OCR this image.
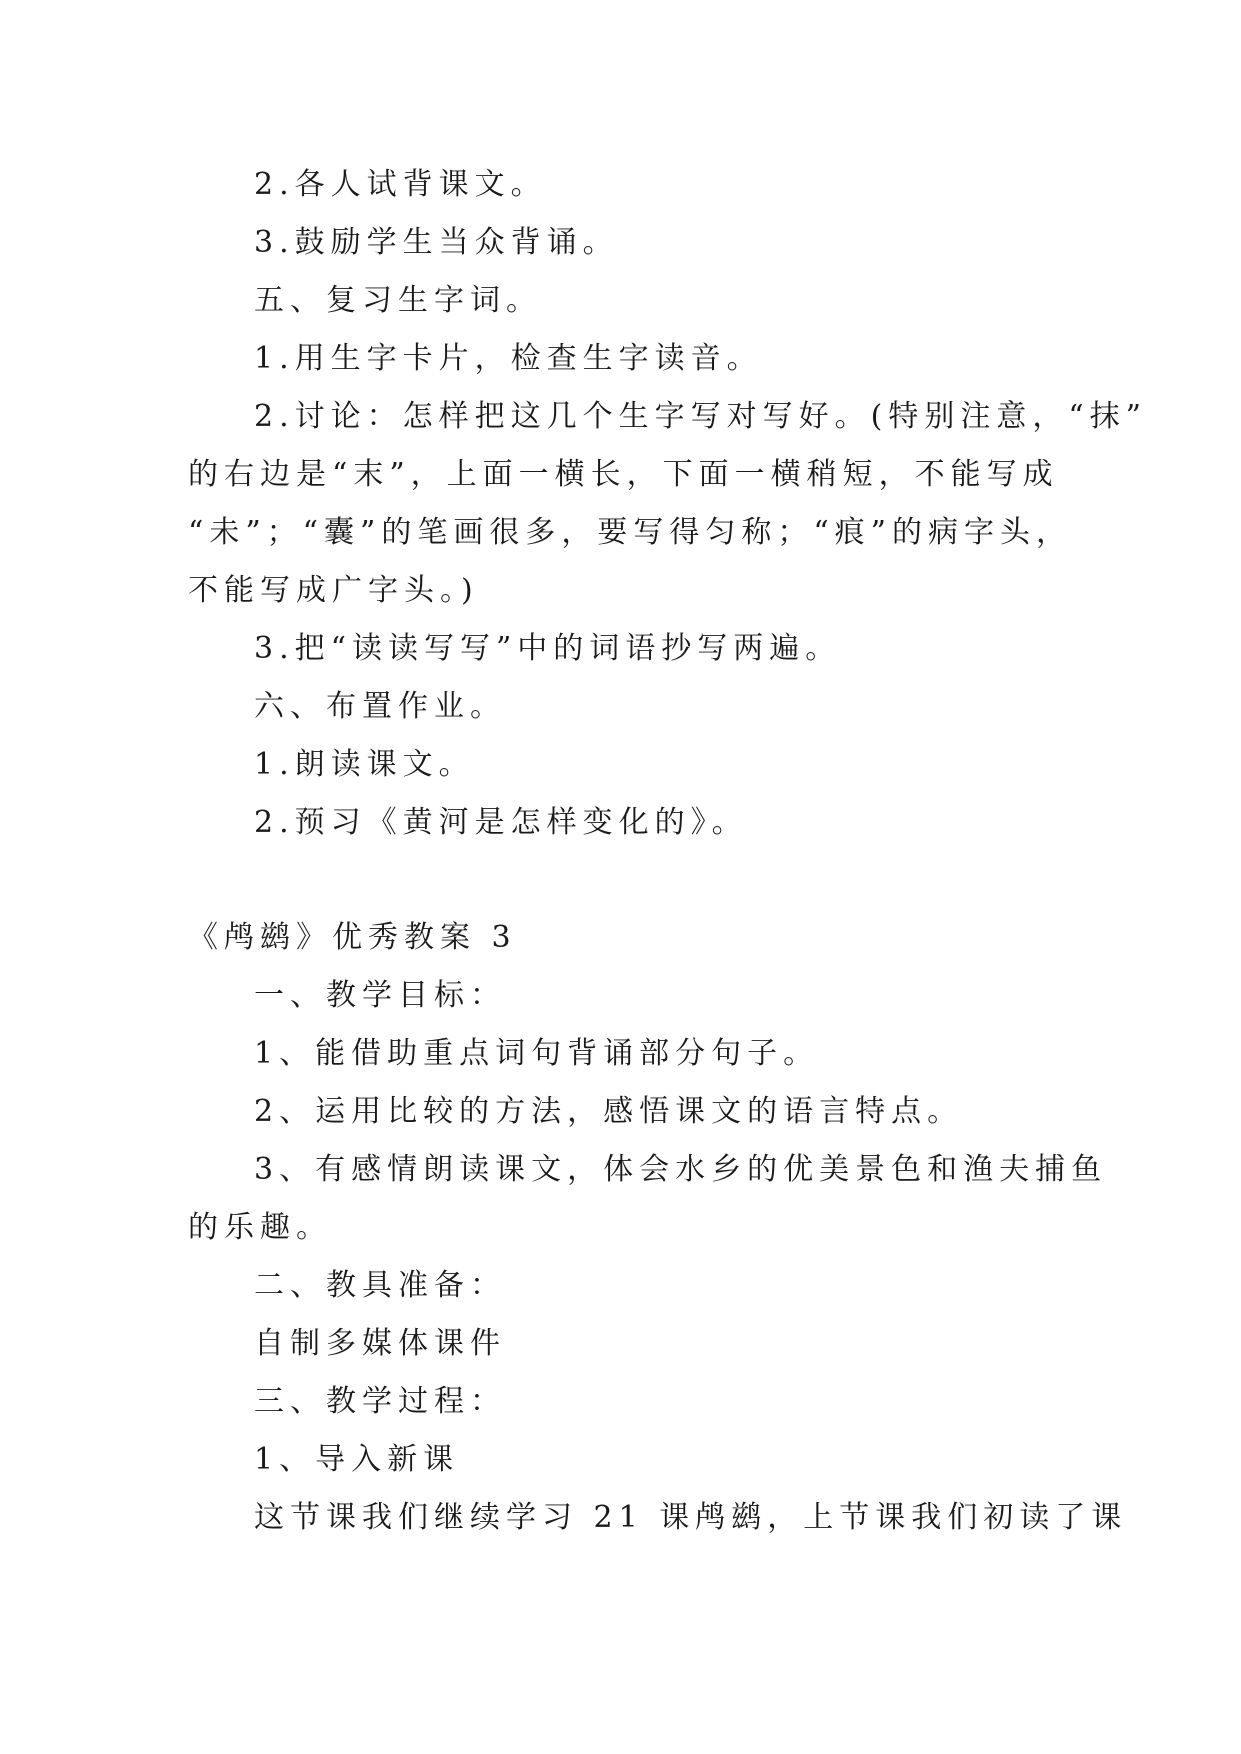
2.各人试背课文。
3.鼓励学生当众背诵。
五、复习生字词。
1.用生字卡片，检查生字读音。
2.讨论：怎样把这几个生字写对写好。(特别注意，“抹”
的右边是“末”，上面一横长，下面一横稍短，不能写成
“未”；“囊”的笔画很多，要写得匀称；“痕”的病字头，
不能写成广字头。)
3.把“读读写写”中的词语抄写两遍。
六、布置作业。
1.朗读课文。
2.预习《黄河是怎样变化的》。
《鸬鹚》优秀教案 3
一、教学目标：
1、能借助重点词句背诵部分句子。
2、运用比较的方法，感悟课文的语言特点。
3、有感情朗读课文，体会水乡的优美景色和渔夫捕鱼
的乐趣。
二、教具准备：
自制多媒体课件
三、教学过程：
1、导入新课
这节课我们继续学习 21 课鸬鹚，上节课我们初读了课
